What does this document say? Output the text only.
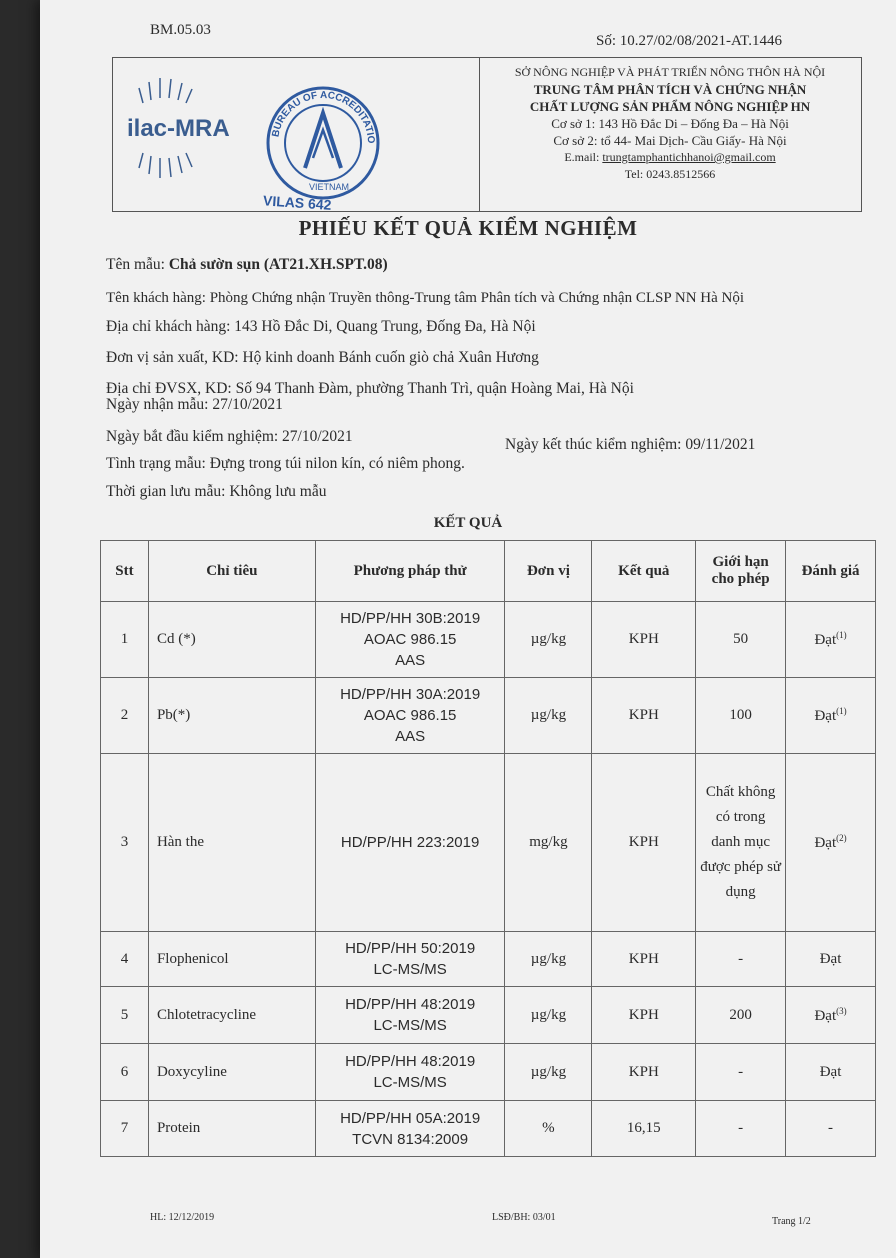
BM.05.03
Số: 10.27/02/08/2021-AT.1446
ilac-MRA	BUREAU OF ACCREDITATIO
VIETNAM
VILAS 642
SỞ NÔNG NGHIỆP VÀ PHÁT TRIỂN NÔNG THÔN HÀ NỘI
TRUNG TÂM PHÂN TÍCH VÀ CHỨNG NHẬN
CHẤT LƯỢNG SẢN PHẨM NÔNG NGHIỆP HN
Cơ sở 1: 143 Hồ Đắc Di – Đống Đa – Hà Nội
Cơ sở 2: tổ 44- Mai Dịch- Cầu Giấy- Hà Nội
E.mail: trungtamphantichhanoi@gmail.com
Tel: 0243.8512566
PHIẾU KẾT QUẢ KIỂM NGHIỆM
Tên mẫu: Chả sườn sụn (AT21.XH.SPT.08)
Tên khách hàng: Phòng Chứng nhận Truyền thông-Trung tâm Phân tích và Chứng nhận CLSP NN Hà Nội
Địa chỉ khách hàng: 143 Hồ Đắc Di, Quang Trung, Đống Đa, Hà Nội
Đơn vị sản xuất, KD: Hộ kinh doanh Bánh cuốn giò chả Xuân Hương
Địa chỉ ĐVSX, KD: Số 94 Thanh Đàm, phường Thanh Trì, quận Hoàng Mai, Hà Nội
Ngày nhận mẫu: 27/10/2021
Ngày bắt đầu kiểm nghiệm: 27/10/2021	Ngày kết thúc kiểm nghiệm: 09/11/2021
Tình trạng mẫu: Đựng trong túi nilon kín, có niêm phong.
Thời gian lưu mẫu: Không lưu mẫu
KẾT QUẢ
Stt	Chỉ tiêu	Phương pháp thử	Đơn vị	Kết quả	Giới hạn cho phép	Đánh giá
1	Cd (*)	HD/PP/HH 30B:2019
AOAC 986.15
AAS	µg/kg	KPH	50	Đạt$^{(1)}$
2	Pb(*)	HD/PP/HH 30A:2019
AOAC 986.15
AAS	µg/kg	KPH	100	Đạt$^{(1)}$
3	Hàn the	HD/PP/HH 223:2019	mg/kg	KPH	Chất không có trong danh mục được phép sử dụng	Đạt$^{(2)}$
4	Flophenicol	HD/PP/HH 50:2019
LC-MS/MS	µg/kg	KPH	-	Đạt
5	Chlotetracycline	HD/PP/HH 48:2019
LC-MS/MS	µg/kg	KPH	200	Đạt$^{(3)}$
6	Doxycyline	HD/PP/HH 48:2019
LC-MS/MS	µg/kg	KPH	-	Đạt
7	Protein	HD/PP/HH 05A:2019
TCVN 8134:2009	%	16,15	-	-
HL: 12/12/2019	LSĐ/BH: 03/01	Trang 1/2
